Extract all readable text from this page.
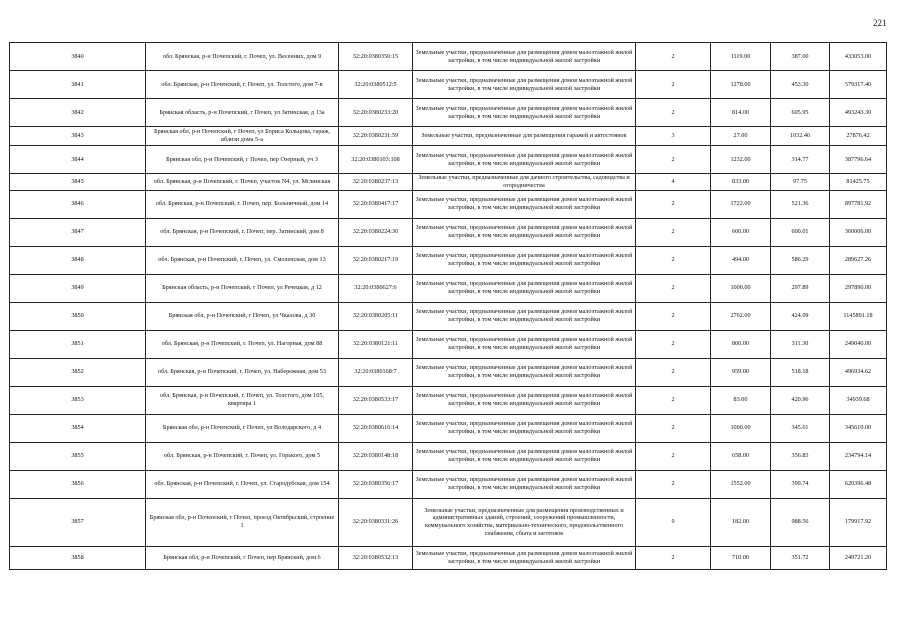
221
3840	обл. Брянская, р-н Почепский, г. Почеп, ул. Весенних, дом 9	32:20:0380350:15	Земельные участки, предназначенные для размещения домов малоэтажной жилой застройки, в том числе индивидуальной жилой застройки	2	1119.00	387.00	433053.00
3841	обл. Брянская, р-н Почепский, г. Почеп, ул. Толстого, дом 7-в	32:20:0380512:5	Земельные участки, предназначенные для размещения домов малоэтажной жилой застройки, в том числе индивидуальной жилой застройки	2	1278.00	453.30	579317.40
3842	Брянская область, р-н Почепский, г Почеп, ул Затинская, д 13а	32:20:0380233:20	Земельные участки, предназначенные для размещения домов малоэтажной жилой застройки, в том числе индивидуальной жилой застройки	2	814.00	605.95	493243.30
3843	Брянская обл, р-н Почепский, г Почеп, ул Бориса Кольцова, гараж, вблизи дома 5-а	32:20:0380231:59	Земельные участки, предназначенные для размещения гаражей и автостоянок	3	27.00	1032.46	27876.42
3844	Брянская обл, р-н Почепский, г Почеп, пер Озерный, уч 3	32:20:0380103:108	Земельные участки, предназначенные для размещения домов малоэтажной жилой застройки, в том числе индивидуальной жилой застройки	2	1232.00	314.77	387796.64
3845	обл. Брянская, р-н Почепский, г. Почеп, участок N4, ул. Мглинская	32:20:0380237:13	Земельные участки, предназначенные для дачного строительства, садоводства и огородничества	4	833.00	97.75	81425.75
3846	обл. Брянская, р-н Почепский, г. Почеп, пер. Больничный, дом 14	32:20:0380417:17	Земельные участки, предназначенные для размещения домов малоэтажной жилой застройки, в том числе индивидуальной жилой застройки	2	1722.00	521.36	897781.92
3847	обл. Брянская, р-н Почепский, г. Почеп, пер. Затинский, дом 8	32:20:0380224:30	Земельные участки, предназначенные для размещения домов малоэтажной жилой застройки, в том числе индивидуальной жилой застройки	2	600.00	600.01	360006.00
3848	обл. Брянская, р-н Почепский, г. Почеп, ул. Смоленская, дом 13	32:20:0380217:19	Земельные участки, предназначенные для размещения домов малоэтажной жилой застройки, в том числе индивидуальной жилой застройки	2	494.00	586.29	289627.26
3849	Брянская область, р-н Почепский, г Почеп, ул Речецкая, д 12	32:20:0380627:6	Земельные участки, предназначенные для размещения домов малоэтажной жилой застройки, в том числе индивидуальной жилой застройки	2	1000.00	297.89	297890.00
3850	Брянская обл, р-н Почепский, г Почеп, ул Чкалова, д 30	32:20:0380205:11	Земельные участки, предназначенные для размещения домов малоэтажной жилой застройки, в том числе индивидуальной жилой застройки	2	2702.00	424.09	1145891.18
3851	обл. Брянская, р-н Почепский, г. Почеп, ул. Нагорная, дом 88	32:20:0380121:11	Земельные участки, предназначенные для размещения домов малоэтажной жилой застройки, в том числе индивидуальной жилой застройки	2	800.00	311.30	249040.00
3852	обл. Брянская, р-н Почепский, г. Почеп, ул. Набережная, дом 53	32:20:0380168:7	Земельные участки, предназначенные для размещения домов малоэтажной жилой застройки, в том числе индивидуальной жилой застройки	2	959.00	518.18	496934.62
3853	обл. Брянская, р-н Почепский, г. Почеп, ул. Толстого, дом 105, квартира 1	32:20:0380533:17	Земельные участки, предназначенные для размещения домов малоэтажной жилой застройки, в том числе индивидуальной жилой застройки	2	83.00	420.96	34939.68
3854	Брянская обл, р-н Почепский, г Почеп, ул Володарского, д 4	32:20:0380616:14	Земельные участки, предназначенные для размещения домов малоэтажной жилой застройки, в том числе индивидуальной жилой застройки	2	1000.00	345.61	345610.00
3855	обл. Брянская, р-н Почепский, г. Почеп, ул. Горького, дом 5	32:20:0380148:18	Земельные участки, предназначенные для размещения домов малоэтажной жилой застройки, в том числе индивидуальной жилой застройки	2	658.00	356.83	234794.14
3856	обл. Брянская, р-н Почепский, г. Почеп, ул. Стародубская, дом 154	32:20:0380356:17	Земельные участки, предназначенные для размещения домов малоэтажной жилой застройки, в том числе индивидуальной жилой застройки	2	1552.00	399.74	620396.48
3857	Брянская обл, р-н Почепский, г Почеп, проезд Октябрьский, строение 1	32:20:0380331:26	Земельные участки, предназначенные для размещения производственных и административных зданий, строений, сооружений промышленности, коммунального хозяйства, материально-технического, продовольственного снабжения, сбыта и заготовок	9	182.00	988.56	179917.92
3858	Брянская обл, р-н Почепский, г Почеп, пер Брянский, дом 6	32:20:0380532:13	Земельные участки, предназначенные для размещения домов малоэтажной жилой застройки, в том числе индивидуальной жилой застройки	2	710.00	351.72	249721.20
